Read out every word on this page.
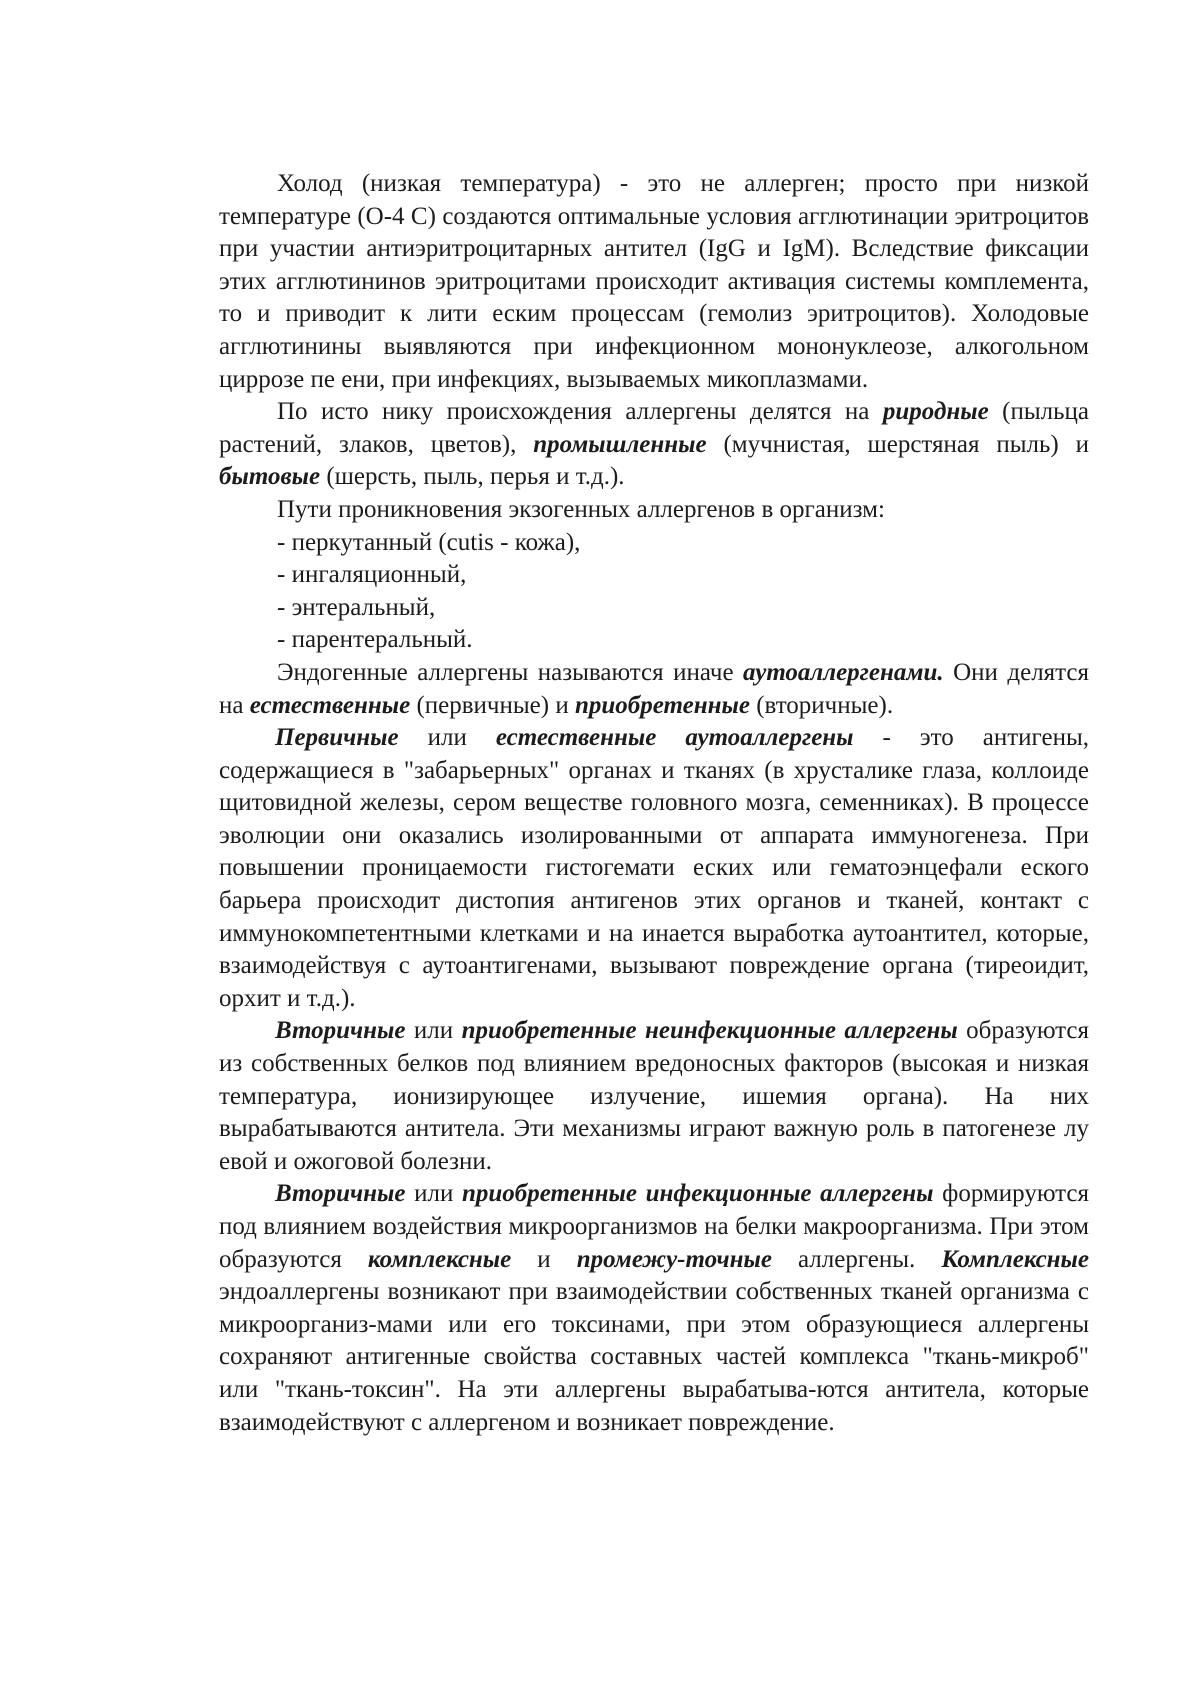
Холод (низкая температура) - это не аллерген; просто при низкой температуре (О-4 С) создаются оптимальные условия агглютинации эритроцитов при участии антиэритроцитарных антител (IgG и IgM). Вследствие фиксации этих агглютининов эритроцитами происходит активация системы комплемента, то и приводит к лити еским процессам (гемолиз эритроцитов). Холодовые агглютинины выявляются при инфекционном мононуклеозе, алкогольном циррозе пе ени, при инфекциях, вызываемых микоплазмами.

По исто нику происхождения аллергены делятся на риродные (пыльца растений, злаков, цветов), промышленные (мучнистая, шерстяная пыль) и бытовые (шерсть, пыль, перья и т.д.).

Пути проникновения экзогенных аллергенов в организм:

- перкутанный (cutis - кожа),

- ингаляционный,

- энтеральный,

- парентеральный.

Эндогенные аллергены называются иначе аутоаллергенами. Они делятся на естественные (первичные) и приобретенные (вторичные).

Первичные или естественные аутоаллергены - это антигены, содержащиеся в "забарьерных" органах и тканях (в хрусталике глаза, коллоиде щитовидной железы, сером веществе головного мозга, семенниках). В процессе эволюции они оказались изолированными от аппарата иммуногенеза. При повышении проницаемости гистогемати еских или гематоэнцефали еского барьера происходит дистопия антигенов этих органов и тканей, контакт с иммунокомпетентными клетками и на инается выработка аутоантител, которые, взаимодействуя с аутоантигенами, вызывают повреждение органа (тиреоидит, орхит и т.д.).

Вторичные или приобретенные неинфекционные аллергены образуются из собственных белков под влиянием вредоносных факторов (высокая и низкая температура, ионизирующее излучение, ишемия органа). На них вырабатываются антитела. Эти механизмы играют важную роль в патогенезе лу евой и ожоговой болезни.

Вторичные или приобретенные инфекционные аллергены формируются под влиянием воздействия микроорганизмов на белки макроорганизма. При этом образуются комплексные и промежу-точные аллергены. Комплексные эндоаллергены возникают при взаимодействии собственных тканей организма с микроорганиз-мами или его токсинами, при этом образующиеся аллергены сохраняют антигенные свойства составных частей комплекса "ткань-микроб" или "ткань-токсин". На эти аллергены вырабатыва-ются антитела, которые взаимодействуют с аллергеном и возникает повреждение.
